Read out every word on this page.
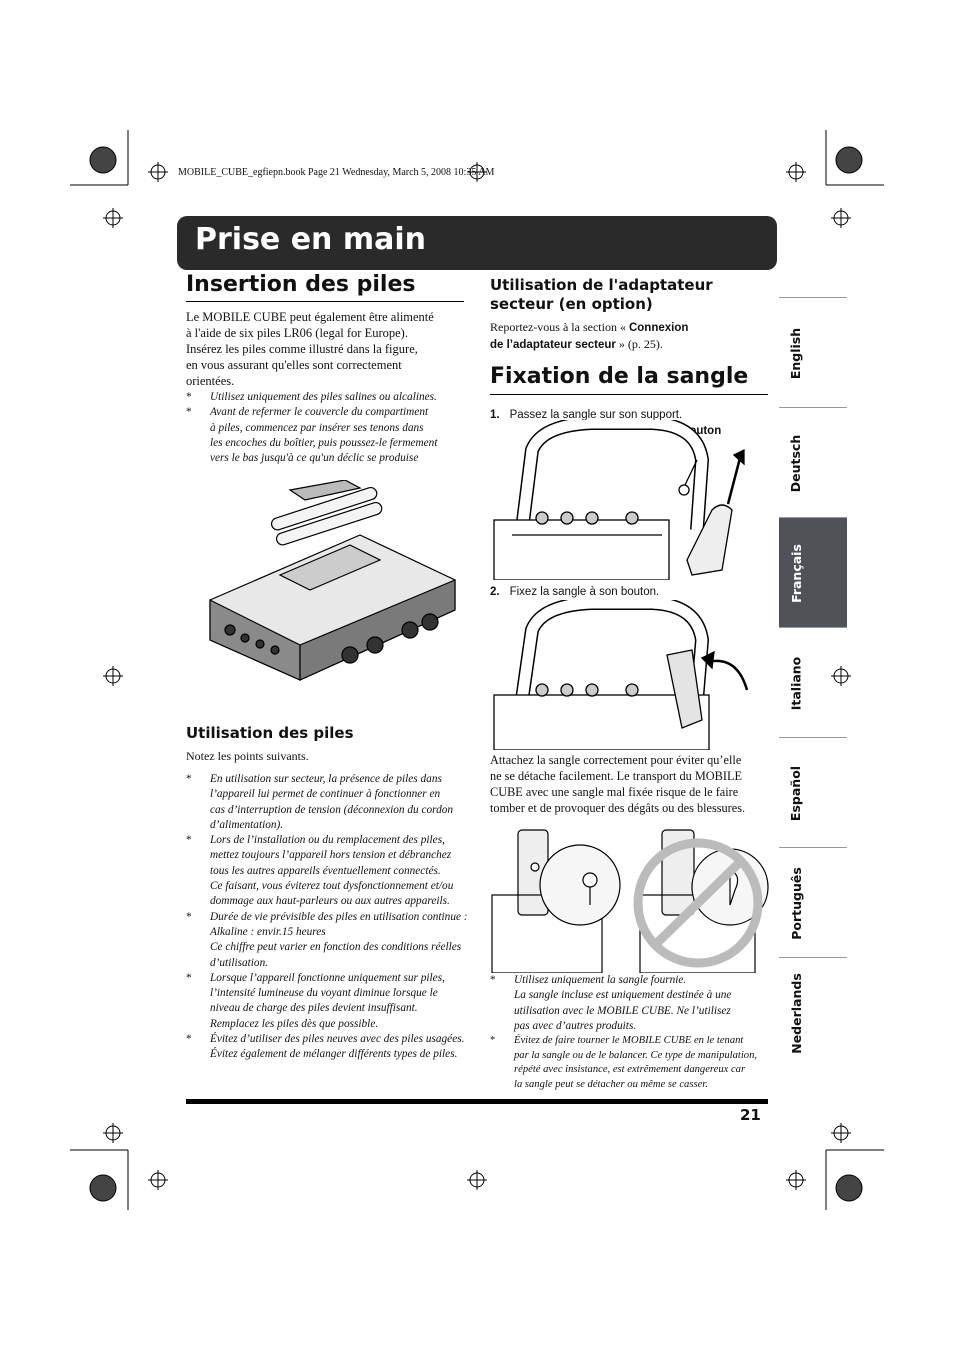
MOBILE_CUBE_egfiepn.book Page 21 Wednesday, March 5, 2008 10:35 AM
Prise en main
Insertion des piles
Le MOBILE CUBE peut également être alimenté
à l'aide de six piles LR06 (legal for Europe).
Insérez les piles comme illustré dans la figure,
en vous assurant qu'elles sont correctement
orientées.
*	Utilisez uniquement des piles salines ou alcalines.
*	Avant de refermer le couvercle du compartiment
à piles, commencez par insérer ses tenons dans
les encoches du boîtier, puis poussez-le fermement
vers le bas jusqu'à ce qu'un déclic se produise
Utilisation des piles
Notez les points suivants.
*	En utilisation sur secteur, la présence de piles dans
l’appareil lui permet de continuer à fonctionner en
cas d’interruption de tension (déconnexion du cordon
d’alimentation).
*	Lors de l’installation ou du remplacement des piles,
mettez toujours l’appareil hors tension et débranchez
tous les autres appareils éventuellement connectés.
Ce faisant, vous éviterez tout dysfonctionnement et/ou
dommage aux haut-parleurs ou aux autres appareils.
*	Durée de vie prévisible des piles en utilisation continue :
Alkaline : envir.15 heures
Ce chiffre peut varier en fonction des conditions réelles
d’utilisation.
*	Lorsque l’appareil fonctionne uniquement sur piles,
l’intensité lumineuse du voyant diminue lorsque le
niveau de charge des piles devient insuffisant.
Remplacez les piles dès que possible.
*	Évitez d’utiliser des piles neuves avec des piles usagées.
Évitez également de mélanger différents types de piles.
Utilisation de l'adaptateur
secteur (en option)
Reportez-vous à la section « Connexion
de l’adaptateur secteur » (p. 25).
Fixation de la sangle
1. Passez la sangle sur son support.
Bouton
2. Fixez la sangle à son bouton.
Attachez la sangle correctement pour éviter qu’elle
ne se détache facilement. Le transport du MOBILE
CUBE avec une sangle mal fixée risque de le faire
tomber et de provoquer des dégâts ou des blessures.
*	Utilisez uniquement la sangle fournie.
La sangle incluse est uniquement destinée à une
utilisation avec le MOBILE CUBE. Ne l’utilisez
pas avec d’autres produits.
*	Évitez de faire tourner le MOBILE CUBE en le tenant
par la sangle ou de le balancer. Ce type de manipulation,
répété avec insistance, est extrêmement dangereux car
la sangle peut se détacher ou même se casser.
English
Deutsch
Français
Italiano
Español
Português
Nederlands
21
